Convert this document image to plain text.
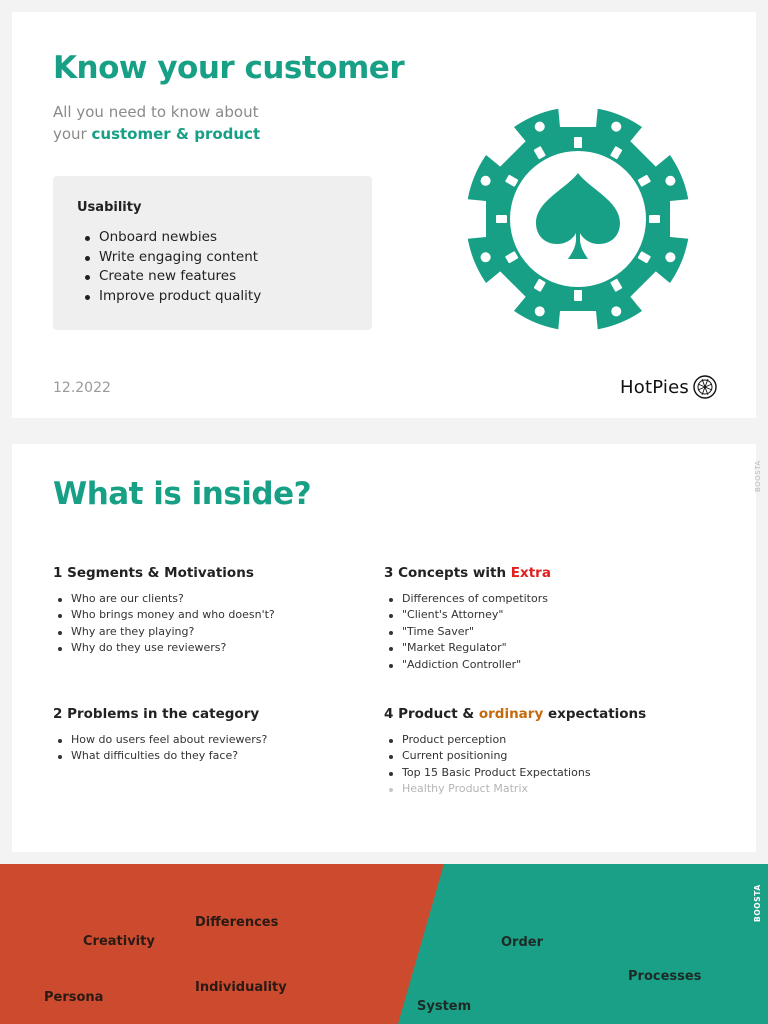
Know your customer
All you need to know about
your customer & product
Usability
Onboard newbies
Write engaging content
Create new features
Improve product quality
12.2022	HotPies
What is inside?
1 Segments & Motivations
Who are our clients?
Who brings money and who doesn't?
Why are they playing?
Why do they use reviewers?
2 Problems in the category
How do users feel about reviewers?
What difficulties do they face?
3 Concepts with Extra
Differences of competitors
"Client's Attorney"
"Time Saver"
"Market Regulator"
"Addiction Controller"
4 Product & ordinary expectations
Product perception
Current positioning
Top 15 Basic Product Expectations
Healthy Product Matrix
BOOSTA
Creativity
Differences
Persona
Individuality
Order
Processes
System
BOOSTA
